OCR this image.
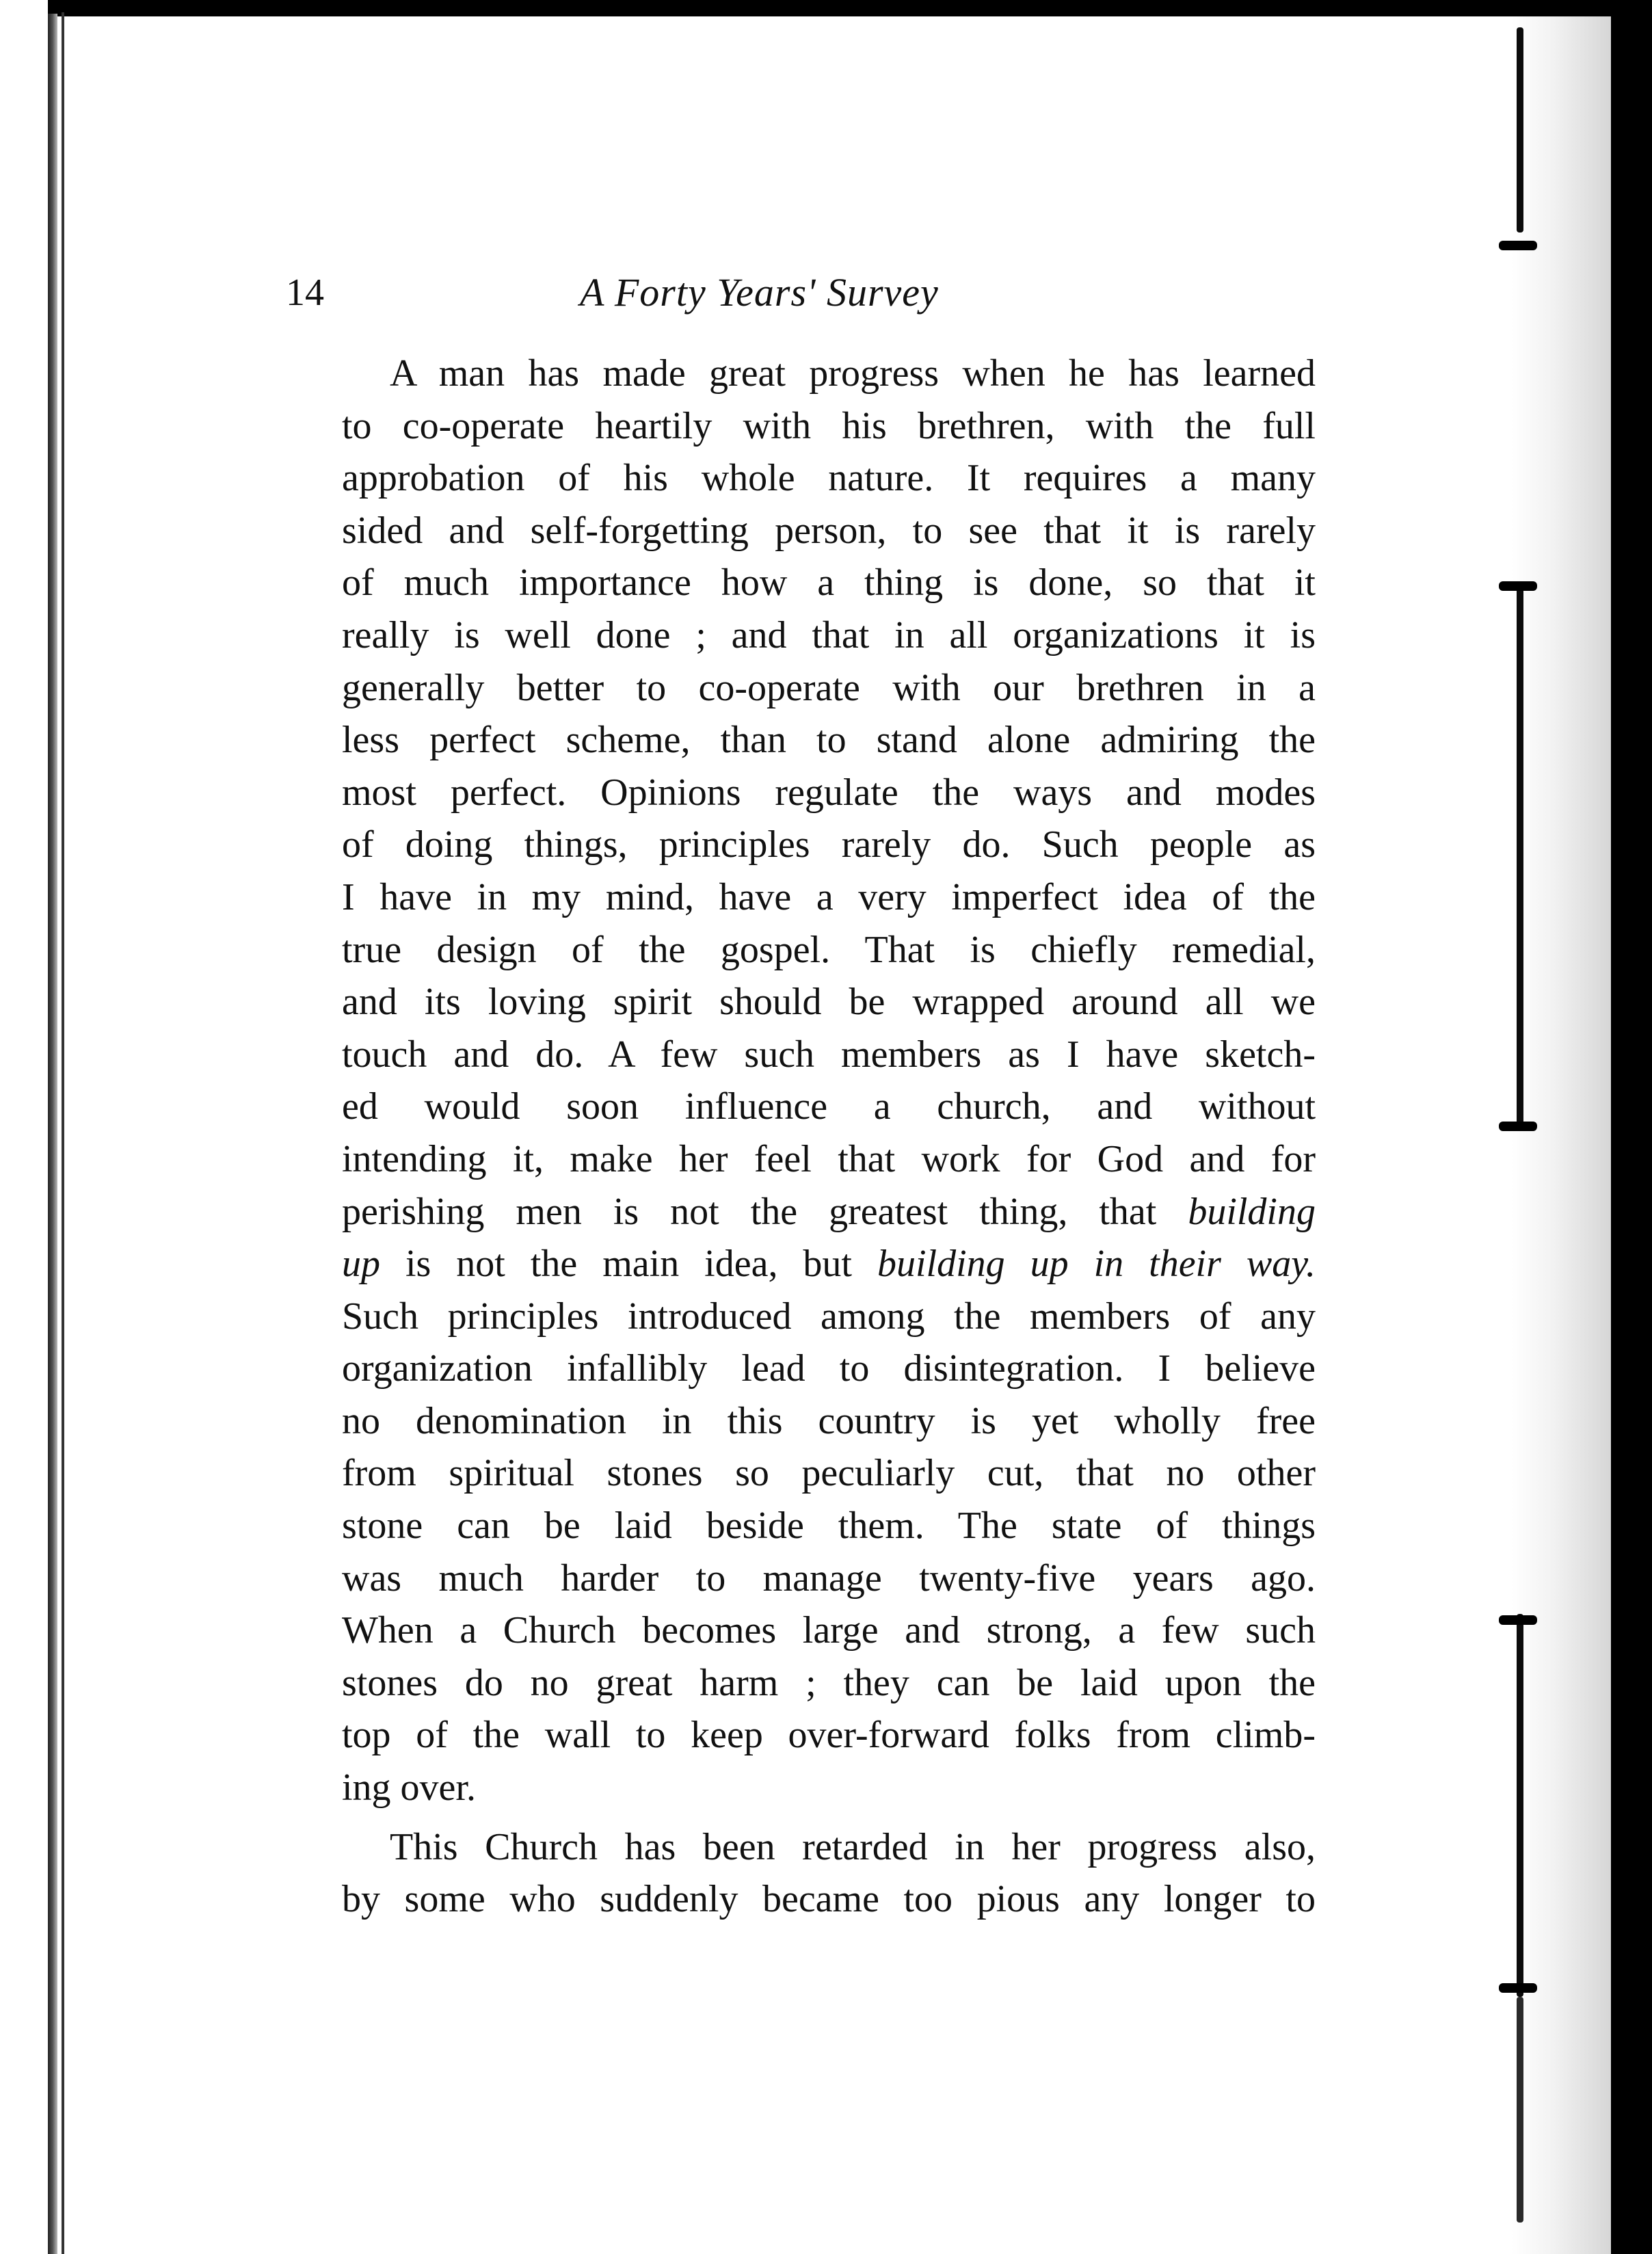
14	A Forty Years' Survey
A man has made great progress when he has learned
to co-operate heartily with his brethren, with the full
approbation of his whole nature. It requires a many
sided and self-forgetting person, to see that it is rarely
of much importance how a thing is done, so that it
really is well done ; and that in all organizations it is
generally better to co-operate with our brethren in a
less perfect scheme, than to stand alone admiring the
most perfect. Opinions regulate the ways and modes
of doing things, principles rarely do. Such people as
I have in my mind, have a very imperfect idea of the
true design of the gospel. That is chiefly remedial,
and its loving spirit should be wrapped around all we
touch and do. A few such members as I have sketch-
ed would soon influence a church, and without
intending it, make her feel that work for God and for
perishing men is not the greatest thing, that building
up is not the main idea, but building up in their way.
Such principles introduced among the members of any
organization infallibly lead to disintegration. I believe
no denomination in this country is yet wholly free
from spiritual stones so peculiarly cut, that no other
stone can be laid beside them. The state of things
was much harder to manage twenty-five years ago.
When a Church becomes large and strong, a few such
stones do no great harm ; they can be laid upon the
top of the wall to keep over-forward folks from climb-
ing over.
This Church has been retarded in her progress also,
by some who suddenly became too pious any longer to
